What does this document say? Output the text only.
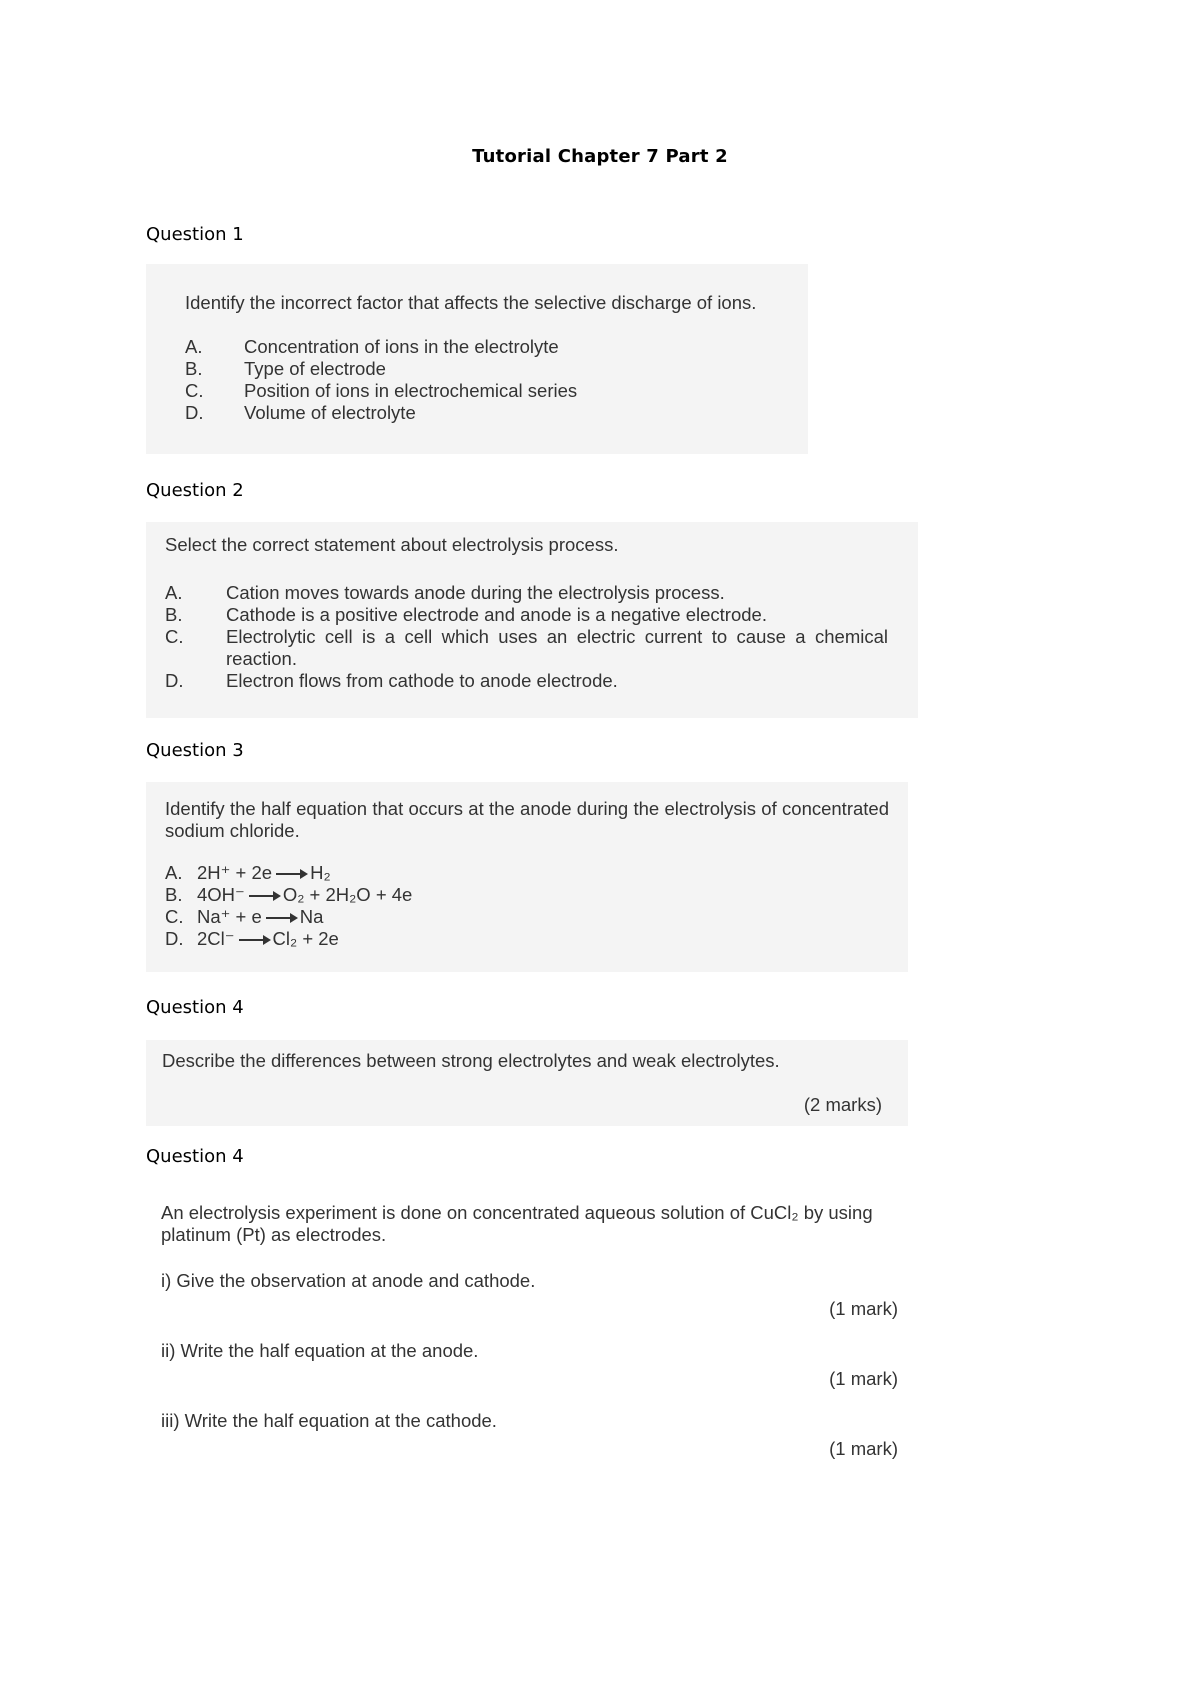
Tutorial Chapter 7 Part 2
Question 1
Identify the incorrect factor that affects the selective discharge of ions.
A. Concentration of ions in the electrolyte
B. Type of electrode
C. Position of ions in electrochemical series
D. Volume of electrolyte
Question 2
Select the correct statement about electrolysis process.
A. Cation moves towards anode during the electrolysis process.
B. Cathode is a positive electrode and anode is a negative electrode.
C. Electrolytic cell is a cell which uses an electric current to cause a chemical reaction.
D. Electron flows from cathode to anode electrode.
Question 3
Identify the half equation that occurs at the anode during the electrolysis of concentrated sodium chloride.
A. 2H⁺ + 2e → H₂
B. 4OH⁻ → O₂ + 2H₂O + 4e
C. Na⁺ + e → Na
D. 2Cl⁻ → Cl₂ + 2e
Question 4
Describe the differences between strong electrolytes and weak electrolytes.
(2 marks)
Question 4
An electrolysis experiment is done on concentrated aqueous solution of CuCl₂ by using platinum (Pt) as electrodes.
i) Give the observation at anode and cathode.
(1 mark)
ii) Write the half equation at the anode.
(1 mark)
iii) Write the half equation at the cathode.
(1 mark)
